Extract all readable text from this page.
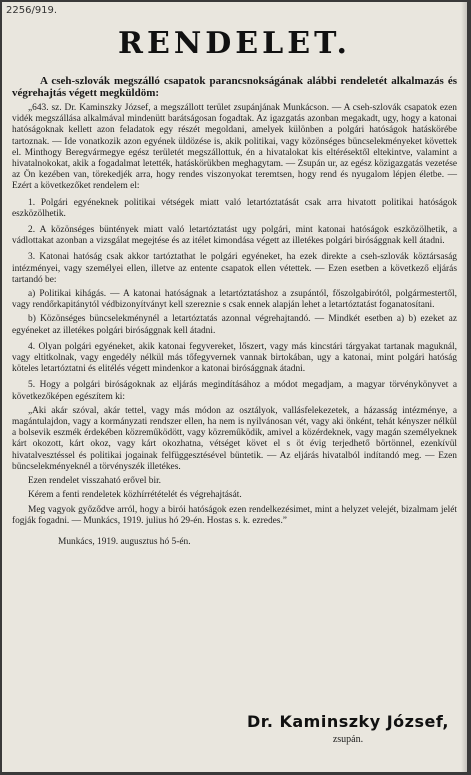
2256/919.
RENDELET.
A cseh-szlovák megszálló csapatok parancsnokságának alábbi rendeletét alkalmazás és végrehajtás végett megküldöm:

„643. sz. Dr. Kaminszky József, a megszállott terület zsupánjának Munkácson. — A cseh-szlovák csapatok ezen vidék megszállása alkalmával mindenütt barátságosan fogadtak. Az igazgatás azonban megakadt, ugy, hogy a katonai hatóságoknak kellett azon feladatok egy részét megoldani, amelyek különben a polgári hatóságok hatáskörébe tartoznak. — Ide vonatkozik azon egyének üldözése is, akik politikai, vagy közönséges büncselekményeket követtek el. Minthogy Beregvármegye egész területét megszállottuk, én a hivatalokat kis eltérésektől eltekintve, valamint a hivatalnokokat, akik a fogadalmat letették, hatáskörükben meghagytam. — Zsupán ur, az egész közigazgatás vezetése az Ön kezében van, törekedjék arra, hogy rendes viszonyokat teremtsen, hogy rend és nyugalom lépjen életbe. — Ezért a következőket rendelem el:

1. Polgári egyéneknek politikai vétségek miatt való letartóztatását csak arra hivatott politikai hatóságok eszközölhetik.

2. A közönséges büntények miatt való letartóztatást ugy polgári, mint katonai hatóságok eszközölhetik, a vádlottakat azonban a vizsgálat megejtése és az itélet kimondása végett az illetékes polgári birósággnak kell átadni.

3. Katonai hatóság csak akkor tartóztathat le polgári egyéneket, ha ezek direkte a cseh-szlovák köztársaság intézményei, vagy személyei ellen, illetve az entente csapatok ellen vétettek. — Ezen esetben a következő eljárás tartandó be:

a) Politikai kihágás. — A katonai hatóságnak a letartóztatáshoz a zsupántól, főszolgabirótól, polgármestertől, vagy rendőrkapitánytól védbizonyítványt kell szereznie s csak ennek alapján lehet a letartóztatást foganatosítani.

b) Közönséges büncselekménynél a letartóztatás azonnal végrehajtandó. — Mindkét esetben a) b) ezeket az egyéneket az illetékes polgári birósággnak kell átadni.

4. Olyan polgári egyéneket, akik katonai fegyvereket, lőszert, vagy más kincstári tárgyakat tartanak maguknál, vagy eltitkolnak, vagy engedély nélkül más tőfegyvernek vannak birtokában, ugy a katonai, mint polgári hatóság köteles letartóztatni és elitélés végett mindenkor a katonai birósággnak átadni.

5. Hogy a polgári biróságoknak az eljárás megindításához a módot megadjam, a magyar törvénykönyvet a következőképen egészítem ki:

„Aki akár szóval, akár tettel, vagy más módon az osztályok, vallásfelekezetek, a házasság intézménye, a magántulajdon, vagy a kormányzati rendszer ellen, ha nem is nyilvánosan vét, vagy aki önként, tehát kényszer nélkül a bolsevik eszmék érdekében közreműködött, vagy közreműködik, amivel a közérdeknek, vagy magán személyeknek kárt okozott, kárt okoz, vagy kárt okozhatna, vétséget követ el s öt évig terjedhető börtönnel, ezenkívül hivatalvesztéssel és politikai jogainak felfüggesztésével büntetik. — Az eljárás hivatalból indítandó meg. — Ezen büncselekményeknél a törvényszék illetékes.

Ezen rendelet visszaható erővel bir.

Kérem a fenti rendeletek közhírrétételét és végrehajtását.

Meg vagyok győződve arról, hogy a birói hatóságok ezen rendelkezésimet, mint a helyzet velejét, bizalmam jelét fogják fogadni. — Munkács, 1919. julius hó 29-én. Hostas s. k. ezredes.”

Munkács, 1919. augusztus hó 5-én.
Dr. Kaminszky József,
zsupán.
